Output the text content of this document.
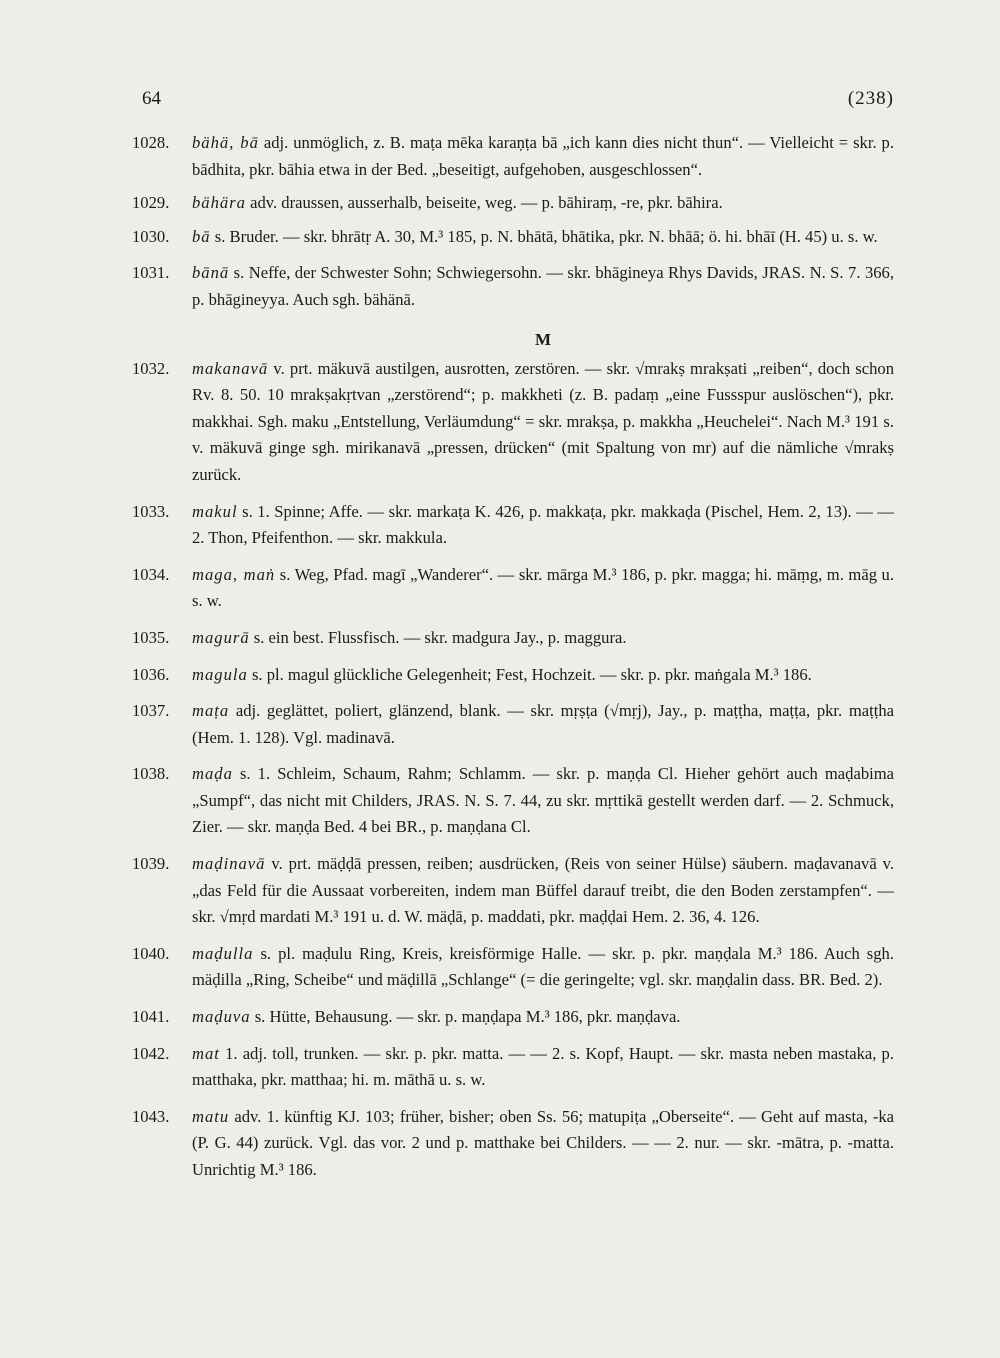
64	(238)
1028. bähä, bā adj. unmöglich, z. B. maṭa mēka karaṇṭa bā „ich kann dies nicht thun“. — Vielleicht = skr. p. bādhita, pkr. bāhia etwa in der Bed. „beseitigt, aufgehoben, ausgeschlossen“.
1029. bähära adv. draussen, ausserhalb, beiseite, weg. — p. bāhiraṃ, -re, pkr. bāhira.
1030. bā s. Bruder. — skr. bhrātṛ A. 30, M.³ 185, p. N. bhātā, bhātika, pkr. N. bhāā; ö. hi. bhāī (H. 45) u. s. w.
1031. bānā s. Neffe, der Schwester Sohn; Schwiegersohn. — skr. bhāgineya Rhys Davids, JRAS. N. S. 7. 366, p. bhāgineyya. Auch sgh. bähänā.
M
1032. makanavā v. prt. mäkuvā austilgen, ausrotten, zerstören. — skr. √mrakṣ mrakṣati „reiben“, doch schon Rv. 8. 50. 10 mrakṣakṛtvan „zerstörend“; p. makkheti (z. B. padaṃ „eine Fussspur auslöschen“), pkr. makkhai. Sgh. maku „Entstellung, Verläumdung“ = skr. mrakṣa, p. makkha „Heuchelei“. Nach M.³ 191 s. v. mäkuvā ginge sgh. mirikanavā „pressen, drücken“ (mit Spaltung von mr) auf die nämliche √mrakṣ zurück.
1033. makul s. 1. Spinne; Affe. — skr. markaṭa K. 426, p. makkaṭa, pkr. makkaḍa (Pischel, Hem. 2, 13). — — 2. Thon, Pfeifenthon. — skr. makkula.
1034. maga, maṅ s. Weg, Pfad. magī „Wanderer“. — skr. mārga M.³ 186, p. pkr. magga; hi. māṃg, m. māg u. s. w.
1035. magurā s. ein best. Flussfisch. — skr. madgura Jay., p. maggura.
1036. magula s. pl. magul glückliche Gelegenheit; Fest, Hochzeit. — skr. p. pkr. maṅgala M.³ 186.
1037. maṭa adj. geglättet, poliert, glänzend, blank. — skr. mṛṣṭa (√mṛj), Jay., p. maṭṭha, maṭṭa, pkr. maṭṭha (Hem. 1. 128). Vgl. madinavā.
1038. maḍa s. 1. Schleim, Schaum, Rahm; Schlamm. — skr. p. maṇḍa Cl. Hieher gehört auch maḍabima „Sumpf“, das nicht mit Childers, JRAS. N. S. 7. 44, zu skr. mṛttikā gestellt werden darf. — 2. Schmuck, Zier. — skr. maṇḍa Bed. 4 bei BR., p. maṇḍana Cl.
1039. maḍinavā v. prt. mäḍḍā pressen, reiben; ausdrücken, (Reis von seiner Hülse) säubern. maḍavanavā v. „das Feld für die Aussaat vorbereiten, indem man Büffel darauf treibt, die den Boden zerstampfen“. — skr. √mṛd mardati M.³ 191 u. d. W. mäḍā, p. maddati, pkr. maḍḍai Hem. 2. 36, 4. 126.
1040. maḍulla s. pl. maḍulu Ring, Kreis, kreisförmige Halle. — skr. p. pkr. maṇḍala M.³ 186. Auch sgh. mäḍilla „Ring, Scheibe“ und mäḍillā „Schlange“ (= die geringelte; vgl. skr. maṇḍalin dass. BR. Bed. 2).
1041. maḍuva s. Hütte, Behausung. — skr. p. maṇḍapa M.³ 186, pkr. maṇḍava.
1042. mat 1. adj. toll, trunken. — skr. p. pkr. matta. — — 2. s. Kopf, Haupt. — skr. masta neben mastaka, p. matthaka, pkr. matthaa; hi. m. māthā u. s. w.
1043. matu adv. 1. künftig KJ. 103; früher, bisher; oben Ss. 56; matupiṭa „Oberseite“. — Geht auf masta, -ka (P. G. 44) zurück. Vgl. das vor. 2 und p. matthake bei Childers. — — 2. nur. — skr. -mātra, p. -matta. Unrichtig M.³ 186.
